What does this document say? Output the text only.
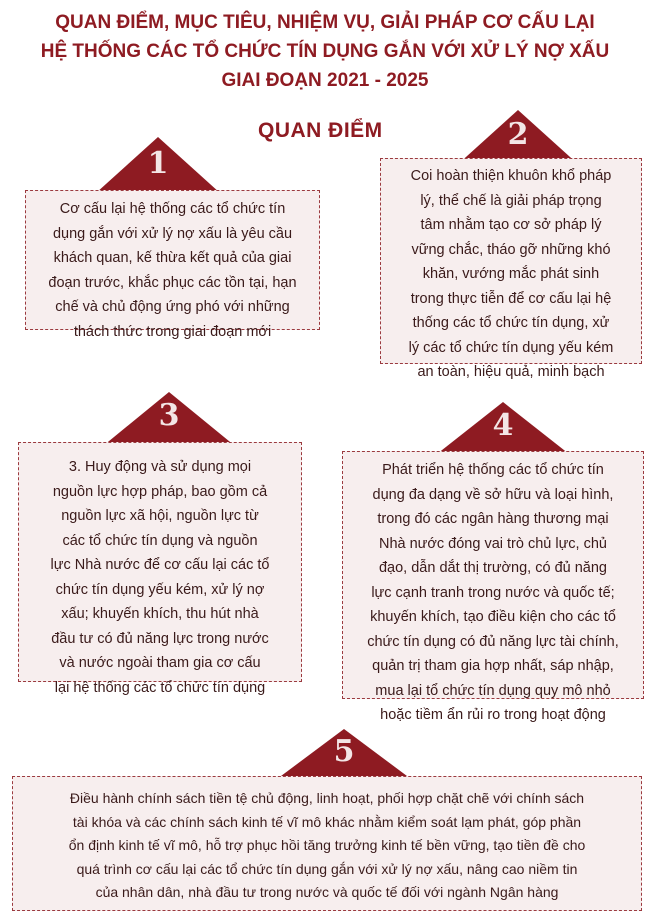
QUAN ĐIỂM, MỤC TIÊU, NHIỆM VỤ, GIẢI PHÁP CƠ CẤU LẠI
HỆ THỐNG CÁC TỔ CHỨC TÍN DỤNG GẮN VỚI XỬ LÝ NỢ XẤU
GIAI ĐOẠN 2021 - 2025
QUAN ĐIỂM
1
Cơ cấu lại hệ thống các tổ chức tín
dụng gắn với xử lý nợ xấu là yêu cầu
khách quan, kế thừa kết quả của giai
đoạn trước, khắc phục các tồn tại, hạn
chế và chủ động ứng phó với những
thách thức trong giai đoạn mới
2
Coi hoàn thiện khuôn khổ pháp
lý, thể chế là giải pháp trọng
tâm nhằm tạo cơ sở pháp lý
vững chắc, tháo gỡ những khó
khăn, vướng mắc phát sinh
trong thực tiễn để cơ cấu lại hệ
thống các tổ chức tín dụng, xử
lý các tổ chức tín dụng yếu kém
an toàn, hiệu quả, minh bạch
3
3. Huy động và sử dụng mọi
nguồn lực hợp pháp, bao gồm cả
nguồn lực xã hội, nguồn lực từ
các tổ chức tín dụng và nguồn
lực Nhà nước để cơ cấu lại các tổ
chức tín dụng yếu kém, xử lý nợ
xấu; khuyến khích, thu hút nhà
đầu tư có đủ năng lực trong nước
và nước ngoài tham gia cơ cấu
lại hệ thống các tổ chức tín dụng
4
Phát triển hệ thống các tổ chức tín
dụng đa dạng về sở hữu và loại hình,
trong đó các ngân hàng thương mại
Nhà nước đóng vai trò chủ lực, chủ
đạo, dẫn dắt thị trường, có đủ năng
lực cạnh tranh trong nước và quốc tế;
khuyến khích, tạo điều kiện cho các tổ
chức tín dụng có đủ năng lực tài chính,
quản trị tham gia hợp nhất, sáp nhập,
mua lại tổ chức tín dụng quy mô nhỏ
hoặc tiềm ẩn rủi ro trong hoạt động
5
Điều hành chính sách tiền tệ chủ động, linh hoạt, phối hợp chặt chẽ với chính sách
tài khóa và các chính sách kinh tế vĩ mô khác nhằm kiểm soát lạm phát, góp phần
ổn định kinh tế vĩ mô, hỗ trợ phục hồi tăng trưởng kinh tế bền vững, tạo tiền đề cho
quá trình cơ cấu lại các tổ chức tín dụng gắn với xử lý nợ xấu, nâng cao niềm tin
của nhân dân, nhà đầu tư trong nước và quốc tế đối với ngành Ngân hàng
